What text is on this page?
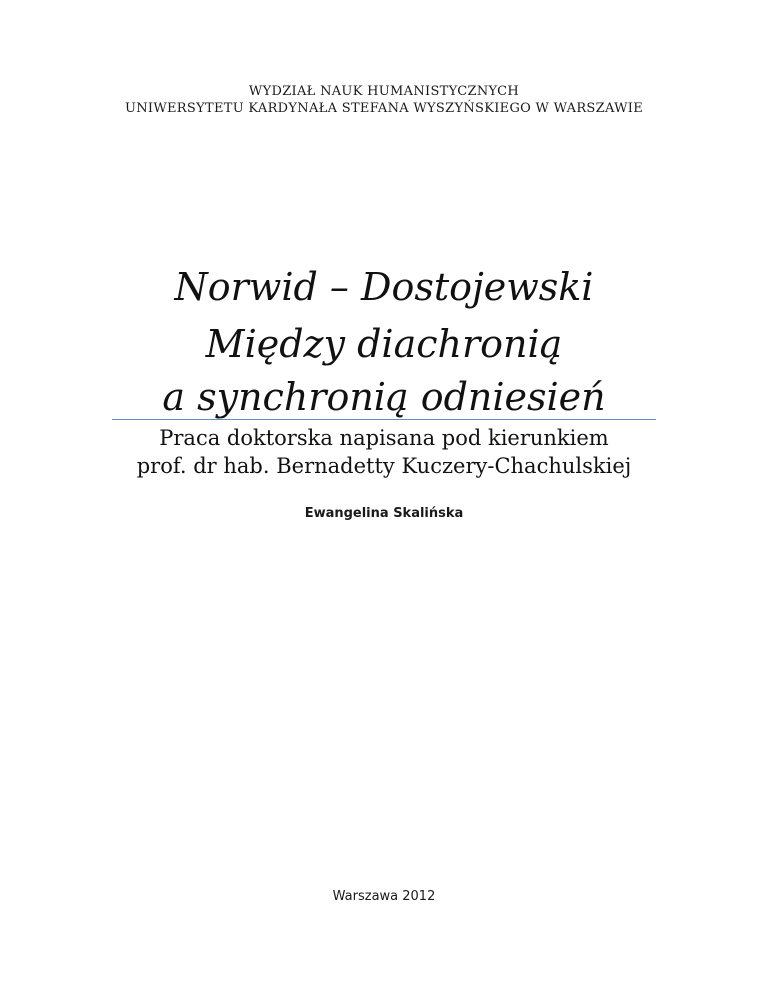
WYDZIAŁ NAUK HUMANISTYCZNYCH
UNIWERSYTETU KARDYNAŁA STEFANA WYSZYŃSKIEGO W WARSZAWIE
Norwid – Dostojewski
Między diachronią
a synchronią odniesień
Praca doktorska napisana pod kierunkiem
prof. dr hab. Bernadetty Kuczery-Chachulskiej
Ewangelina Skalińska
Warszawa 2012
